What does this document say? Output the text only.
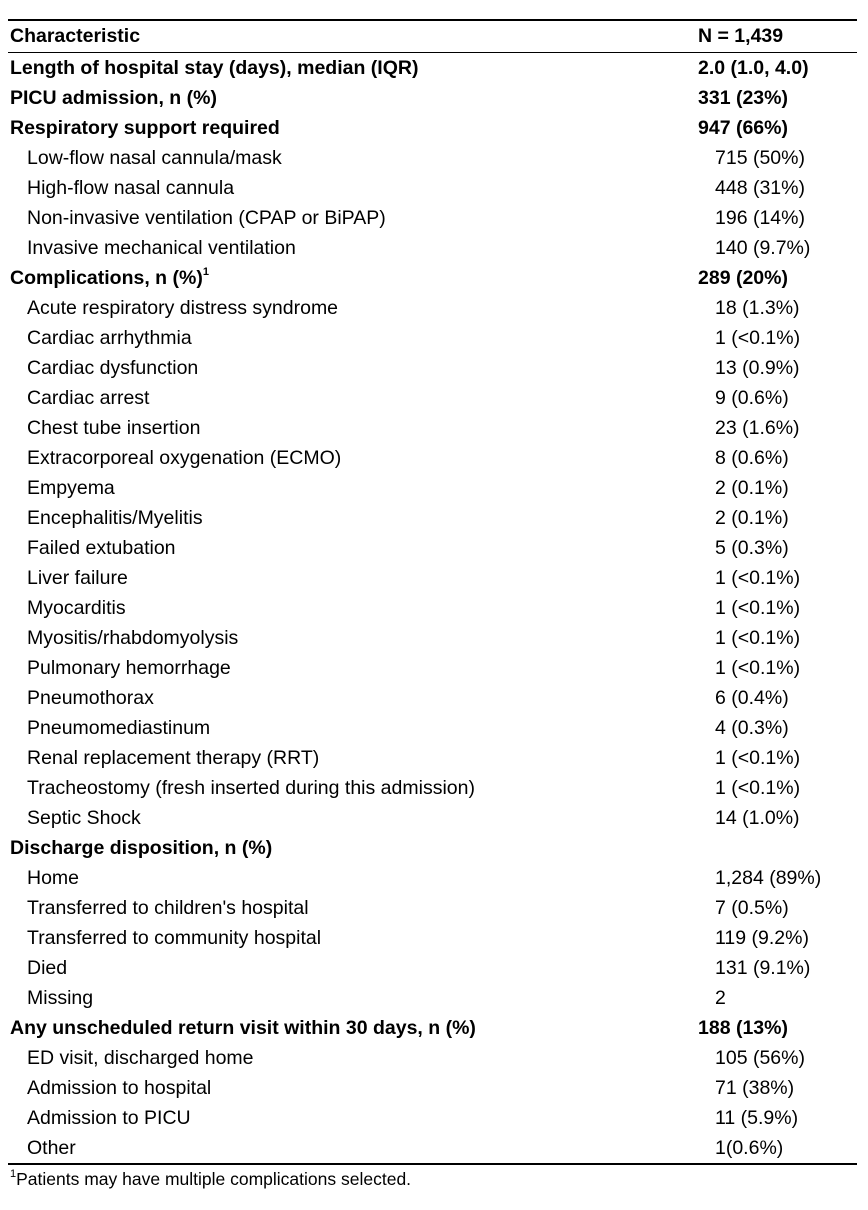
Characteristic	N = 1,439
Length of hospital stay (days), median (IQR)	2.0 (1.0, 4.0)
PICU admission, n (%)	331 (23%)
Respiratory support required	947 (66%)
Low-flow nasal cannula/mask	715 (50%)
High-flow nasal cannula	448 (31%)
Non-invasive ventilation (CPAP or BiPAP)	196 (14%)
Invasive mechanical ventilation	140 (9.7%)
Complications, n (%)$^1$	289 (20%)
Acute respiratory distress syndrome	18 (1.3%)
Cardiac arrhythmia	1 (<0.1%)
Cardiac dysfunction	13 (0.9%)
Cardiac arrest	9 (0.6%)
Chest tube insertion	23 (1.6%)
Extracorporeal oxygenation (ECMO)	8 (0.6%)
Empyema	2 (0.1%)
Encephalitis/Myelitis	2 (0.1%)
Failed extubation	5 (0.3%)
Liver failure	1 (<0.1%)
Myocarditis	1 (<0.1%)
Myositis/rhabdomyolysis	1 (<0.1%)
Pulmonary hemorrhage	1 (<0.1%)
Pneumothorax	6 (0.4%)
Pneumomediastinum	4 (0.3%)
Renal replacement therapy (RRT)	1 (<0.1%)
Tracheostomy (fresh inserted during this admission)	1 (<0.1%)
Septic Shock	14 (1.0%)
Discharge disposition, n (%)
Home	1,284 (89%)
Transferred to children's hospital	7 (0.5%)
Transferred to community hospital	119 (9.2%)
Died	131 (9.1%)
Missing	2
Any unscheduled return visit within 30 days, n (%)	188 (13%)
ED visit, discharged home	105 (56%)
Admission to hospital	71 (38%)
Admission to PICU	11 (5.9%)
Other	1(0.6%)
$^1$Patients may have multiple complications selected.
